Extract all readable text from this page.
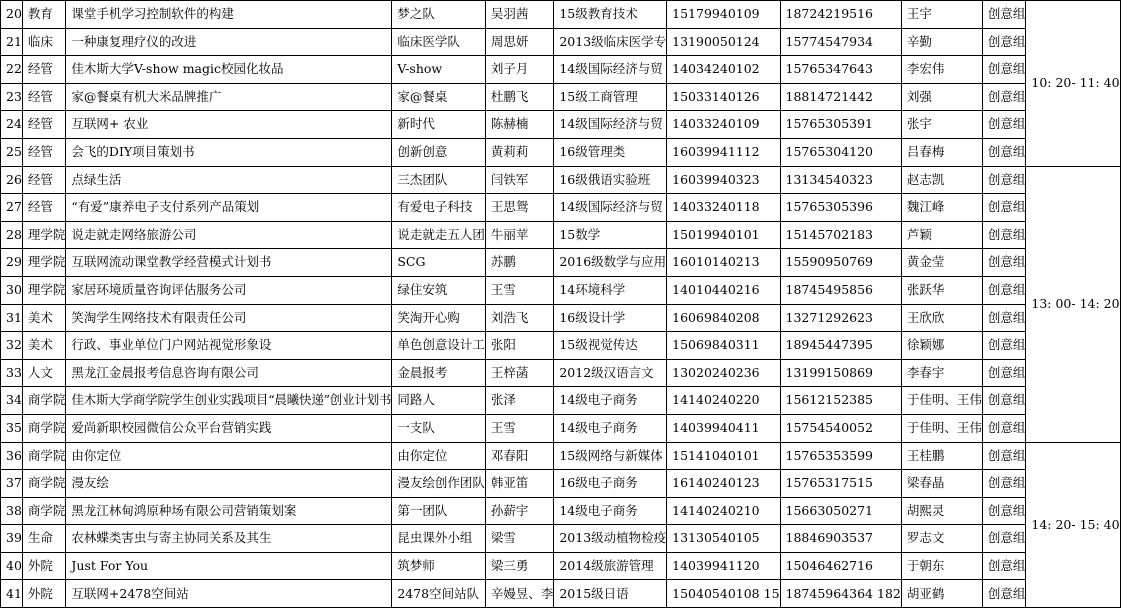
20	教育	课堂手机学习控制软件的构建	梦之队	吴羽茜	15级教育技术	15179940109	18724219516	王宇	创意组	10: 20- 11: 40
21	临床	一种康复理疗仪的改进	临床医学队	周思妍	2013级临床医学专	13190050124	15774547934	辛勤	创意组	
22	经管	佳木斯大学V-show magic校园化妆品	V-show	刘子月	14级国际经济与贸	14034240102	15765347643	李宏伟	创意组	
23	经管	家@餐桌有机大米品牌推广	家@餐桌	杜鹏飞	15级工商管理	15033140126	18814721442	刘强	创意组	
24	经管	互联网+ 农业	新时代	陈赫楠	14级国际经济与贸	14033240109	15765305391	张宇	创意组	
25	经管	会飞的DIY项目策划书	创新创意	黄莉莉	16级管理类	16039941112	15765304120	吕春梅	创意组	
26	经管	点绿生活	三杰团队	闫铁军	16级俄语实验班	16039940323	13134540323	赵志凯	创意组	13: 00- 14: 20
27	经管	“有爱”康养电子支付系列产品策划	有爱电子科技	王思鸳	14级国际经济与贸	14033240118	15765305396	魏江峰	创意组	
28	理学院	说走就走网络旅游公司	说走就走五人团	牛丽苹	15数学	15019940101	15145702183	芦颖	创意组	
29	理学院	互联网流动课堂教学经营模式计划书	SCG	苏鹏	2016级数学与应用	16010140213	15590950769	黄金莹	创意组	
30	理学院	家居环境质量咨询评估服务公司	绿住安筑	王雪	14环境科学	14010440216	18745495856	张跃华	创意组	
31	美术	笑淘学生网络技术有限责任公司	笑淘开心购	刘浩飞	16级设计学	16069840208	13271292623	王欣欣	创意组	
32	美术	行政、事业单位门户网站视觉形象设	单色创意设计工	张阳	15级视觉传达	15069840311	18945447395	徐颖娜	创意组	
33	人文	黑龙江金晨报考信息咨询有限公司	金晨报考	王梓菡	2012级汉语言文	13020240236	13199150869	李春宇	创意组	
34	商学院	佳木斯大学商学院学生创业实践项目“晨曦快递”创业计划书	同路人	张泽	14级电子商务	14140240220	15612152385	于佳明、王伟	创意组	
35	商学院	爱尚新职校园微信公众平台营销实践	一支队	王雪	14级电子商务	14039940411	15754540052	于佳明、王伟	创意组	
36	商学院	由你定位	由你定位	邓春阳	15级网络与新媒体	15141040101	15765353599	王桂鹏	创意组	14: 20- 15: 40
37	商学院	漫友绘	漫友绘创作团队	韩亚笛	16级电子商务	16140240123	15765317515	梁春晶	创意组	
38	商学院	黑龙江林甸鸿原种场有限公司营销策划案	第一团队	孙薪宇	14级电子商务	14140240210	15663050271	胡熙灵	创意组	
39	生命	农林蝶类害虫与寄主协同关系及其生	昆虫课外小组	梁雪	2013级动植物检疫	13130540105	18846903537	罗志文	创意组	
40	外院	Just For You	筑梦师	梁三勇	2014级旅游管理	14039941120	15046462716	于朝东	创意组	
41	外院	互联网+2478空间站	2478空间站队	辛嫚昱、李	2015级日语	15040540108 15	18745964364 182	胡亚鹤	创意组	
